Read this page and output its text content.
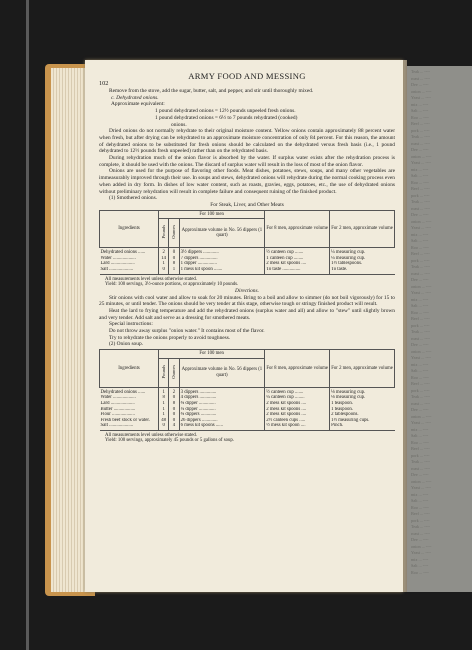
Teak ... ----
roast ... ----
Dee ... ----
onion ... ----
Yeast ... ----
mix ... ----
Salt ... ----
Roo ... ----
Beef ... ----
pork ... ----
Teak ... ----
roast ... ----
Dee ... ----
onion ... ----
Yeast ... ----
mix ... ----
Salt ... ----
Roo ... ----
Beef ... ----
pork ... ----
Teak ... ----
roast ... ----
Dee ... ----
onion ... ----
Yeast ... ----
mix ... ----
Salt ... ----
Roo ... ----
Beef ... ----
pork ... ----
Teak ... ----
roast ... ----
Dee ... ----
onion ... ----
Yeast ... ----
mix ... ----
Salt ... ----
Roo ... ----
Beef ... ----
pork ... ----
Teak ... ----
roast ... ----
Dee ... ----
onion ... ----
Yeast ... ----
mix ... ----
Salt ... ----
Roo ... ----
Beef ... ----
pork ... ----
Teak ... ----
roast ... ----
Dee ... ----
onion ... ----
Yeast ... ----
mix ... ----
Salt ... ----
Roo ... ----
Beef ... ----
pork ... ----
Teak ... ----
roast ... ----
Dee ... ----
onion ... ----
Yeast ... ----
mix ... ----
Salt ... ----
Roo ... ----
Beef ... ----
pork ... ----
Teak ... ----
roast ... ----
Dee ... ----
onion ... ----
Yeast ... ----
mix ... ----
Salt ... ----
Roo ... ----
102
ARMY FOOD AND MESSING

Remove from the stove, add the sugar, butter, salt, and pepper, and stir until thoroughly mixed.

c. Dehydrated onions.

Approximate equivalent:

1 pound dehydrated onions = 12½ pounds unpeeled fresh onions.

1 pound dehydrated onions = 6½ to 7 pounds rehydrated (cooked)

onions.

Dried onions do not normally rehydrate to their original moisture content. Yellow onions contain approximately 88 percent water when fresh, but after drying can be rehydrated to an approximate moisture concentration of only 84 percent. For this reason, the amount of dehydrated onions to be substituted for fresh onions should be calculated on the dehydrated versus fresh basis (i.e., 1 pound dehydrated to 12½ pounds fresh unpeeled) rather than on the rehydrated basis.

During rehydration much of the onion flavor is absorbed by the water. If surplus water exists after the rehydration process is complete, it should be used with the onions. The discard of surplus water will result in the loss of most of the onion flavor.

Onions are used for the purpose of flavoring other foods. Meat dishes, potatoes, stews, soups, and many other vegetables are immeasurably improved through their use. In soups and stews, dehydrated onions will rehydrate during the normal cooking process even when added in dry form. In dishes of low water content, such as roasts, gravies, eggs, potatoes, etc., the use of dehydrated onions without preliminary rehydration will result in complete failure and consequent ruining of the finished product.

(1) Smothered onions.

For Steak, Liver, and Other Meats

Ingredients	For 100 men			For 8 men, approximate volume	For 2 men, approximate volume
	Pounds	Ounces	Approximate volume in No. 56 dippers (1 quart)		
Dehydrated onions ......	2	0	3½ dippers .............	½ canteen cup .......	¼ measuring cup.
Water ...................	14	0	7 dippers ...............	1 canteen cup ........	¼ measuring cup.
Lard ....................	1	8	1 dipper ................	2 mess kit spoons ....	1½ tablespoons.
Salt ....................	0	1	1 mess kit spoon .......	To taste ...............	To taste.

All measurements level unless otherwise stated.

Yield: 100 servings, 3½-ounce portions, or approximately 10 pounds.

Directions.

Stir onions with cool water and allow to soak for 20 minutes. Bring to a boil and allow to simmer (do not boil vigorously) for 15 to 25 minutes, or until tender. The onions should be very tender at this stage, otherwise tough or stringy finished product will result.

Heat the lard to frying temperature and add the rehydrated onions (surplus water and all) and allow to "stew" until slightly brown and very tender. Add salt and serve as a dressing for smothered meats.

Special instructions:

Do not throw away surplus "onion water." It contains most of the flavor.

Try to rehydrate the onions properly to avoid toughness.

(2) Onion soup.

Ingredients	For 100 men			For 8 men, approximate volume	For 2 men, approximate volume
	Pounds	Ounces	Approximate volume in No. 56 dippers (1 quart)		
Dehydrated onions ......	1	2	3 dippers ..............	½ canteen cup .......	⅛ measuring cup.
Water ...................	8	0	4 dippers ..............	¼ canteen cup ........	⅛ measuring cup.
Lard ....................	1	8	¾ dipper ..............	2 mess kit spoons ....	1 teaspoon.
Butter ..................	1	0	¼ dipper ..............	2 mess kit spoons ....	1 teaspoon.
Flour ...................	1	0	¾ dippers .............	2 mess kit spoons ....	2 tablespoons.
Fresh beef stock or water.	48	0	26 dippers .............	2½ canteen cups .....	1½ measuring cups.
Salt ....................	0	4	6 mess kit spoons ......	½ mess kit spoon ....	Pinch.

All measurements level unless otherwise stated.

Yield: 100 servings, approximately 45 pounds or 5 gallons of soup.
